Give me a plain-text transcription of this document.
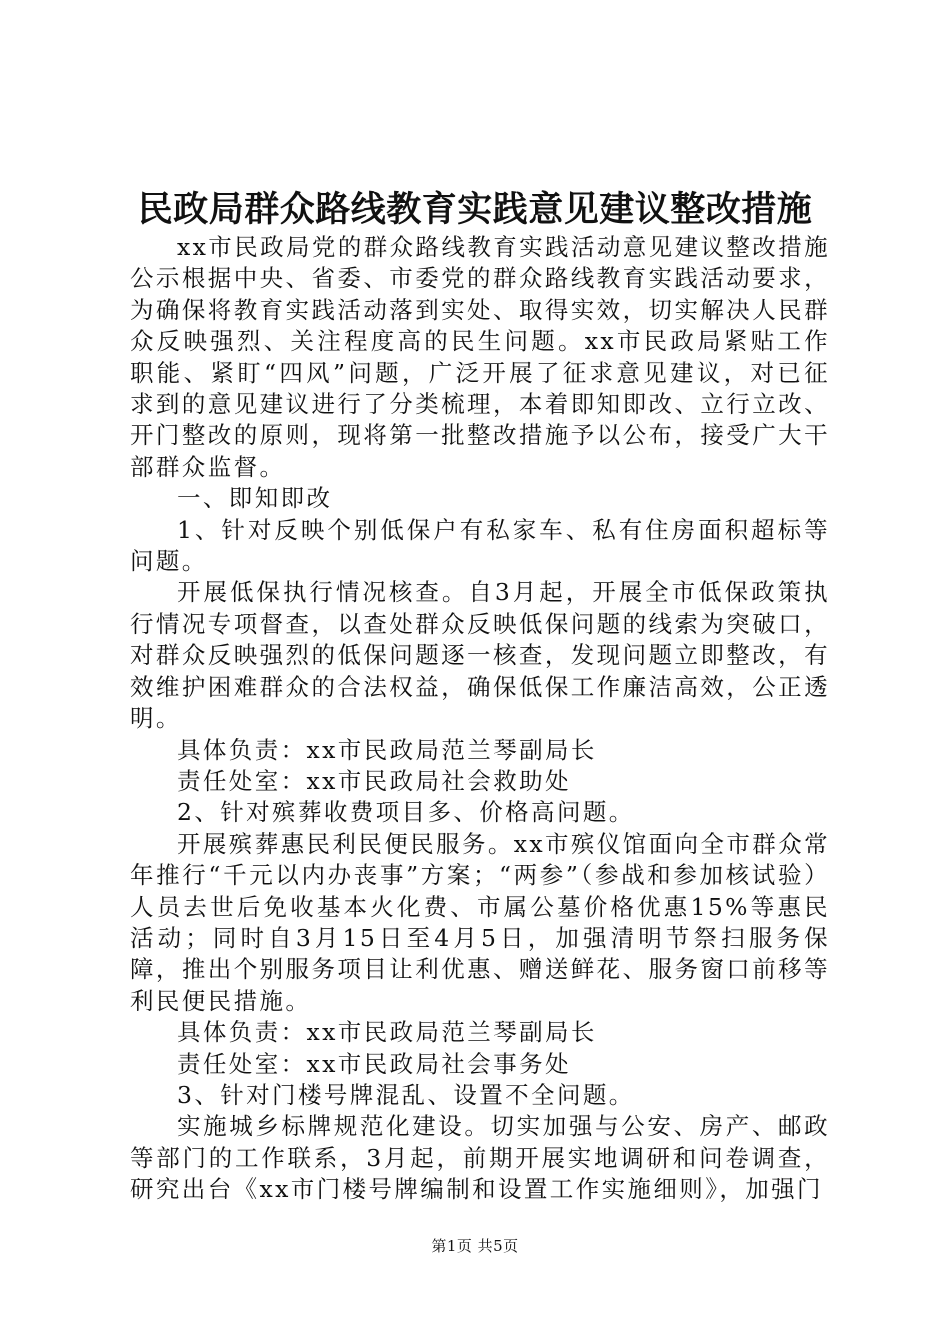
民政局群众路线教育实践意见建议整改措施

xx市民政局党的群众路线教育实践活动意见建议整改措施公示根据中央、省委、市委党的群众路线教育实践活动要求，为确保将教育实践活动落到实处、取得实效，切实解决人民群众反映强烈、关注程度高的民生问题。xx市民政局紧贴工作职能、紧盯“四风”问题，广泛开展了征求意见建议，对已征求到的意见建议进行了分类梳理，本着即知即改、立行立改、开门整改的原则，现将第一批整改措施予以公布，接受广大干部群众监督。

一、即知即改

1、针对反映个别低保户有私家车、私有住房面积超标等问题。

开展低保执行情况核查。自3月起，开展全市低保政策执行情况专项督查，以查处群众反映低保问题的线索为突破口，对群众反映强烈的低保问题逐一核查，发现问题立即整改，有效维护困难群众的合法权益，确保低保工作廉洁高效，公正透明。

具体负责：xx市民政局范兰琴副局长

责任处室：xx市民政局社会救助处

2、针对殡葬收费项目多、价格高问题。

开展殡葬惠民利民便民服务。xx市殡仪馆面向全市群众常年推行“千元以内办丧事”方案；“两参”（参战和参加核试验）人员去世后免收基本火化费、市属公墓价格优惠15%等惠民活动；同时自3月15日至4月5日，加强清明节祭扫服务保障，推出个别服务项目让利优惠、赠送鲜花、服务窗口前移等利民便民措施。

具体负责：xx市民政局范兰琴副局长

责任处室：xx市民政局社会事务处

3、针对门楼号牌混乱、设置不全问题。

实施城乡标牌规范化建设。切实加强与公安、房产、邮政等部门的工作联系，3月起，前期开展实地调研和问卷调查，研究出台《xx市门楼号牌编制和设置工作实施细则》，加强门

第1页 共5页
